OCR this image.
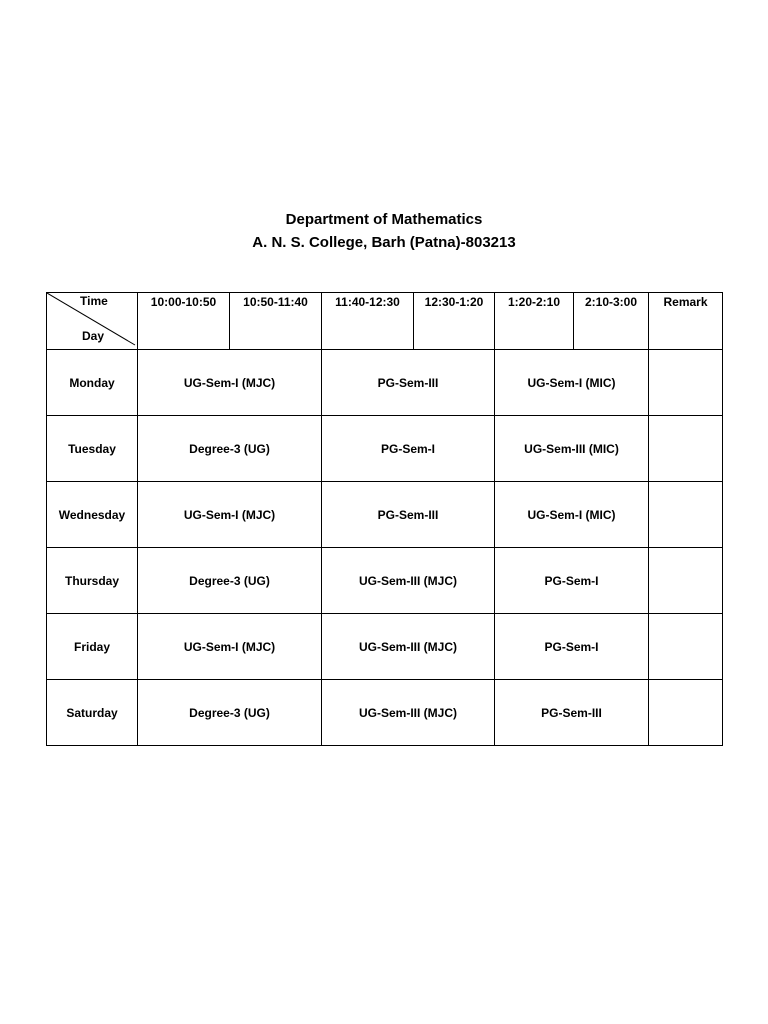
Department of Mathematics
A. N. S. College, Barh (Patna)-803213
Time
Day	10:00-10:50	10:50-11:40	11:40-12:30	12:30-1:20	1:20-2:10	2:10-3:00	Remark
Monday	UG-Sem-I (MJC)		PG-Sem-III		UG-Sem-I (MIC)		
Tuesday	Degree-3 (UG)		PG-Sem-I		UG-Sem-III (MIC)		
Wednesday	UG-Sem-I (MJC)		PG-Sem-III		UG-Sem-I (MIC)		
Thursday	Degree-3 (UG)		UG-Sem-III (MJC)		PG-Sem-I		
Friday	UG-Sem-I (MJC)		UG-Sem-III (MJC)		PG-Sem-I		
Saturday	Degree-3 (UG)		UG-Sem-III (MJC)		PG-Sem-III		
